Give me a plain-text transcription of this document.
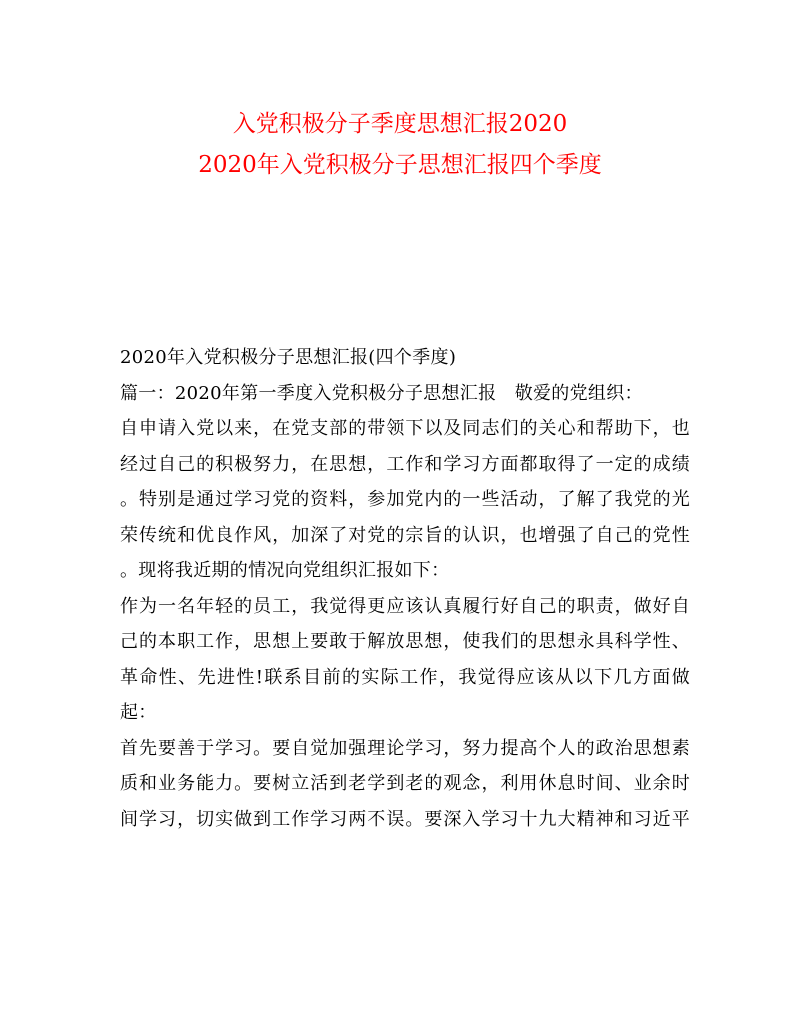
入党积极分子季度思想汇报2020
2020年入党积极分子思想汇报四个季度
2020年入党积极分子思想汇报(四个季度)
篇一：2020年第一季度入党积极分子思想汇报　敬爱的党组织：
自申请入党以来，在党支部的带领下以及同志们的关心和帮助下，也
经过自己的积极努力，在思想，工作和学习方面都取得了一定的成绩
。特别是通过学习党的资料，参加党内的一些活动，了解了我党的光
荣传统和优良作风，加深了对党的宗旨的认识，也增强了自己的党性
。现将我近期的情况向党组织汇报如下：
作为一名年轻的员工，我觉得更应该认真履行好自己的职责，做好自
己的本职工作，思想上要敢于解放思想，使我们的思想永具科学性、
革命性、先进性!联系目前的实际工作，我觉得应该从以下几方面做
起：
首先要善于学习。要自觉加强理论学习，努力提高个人的政治思想素
质和业务能力。要树立活到老学到老的观念，利用休息时间、业余时
间学习，切实做到工作学习两不误。要深入学习十九大精神和习近平
